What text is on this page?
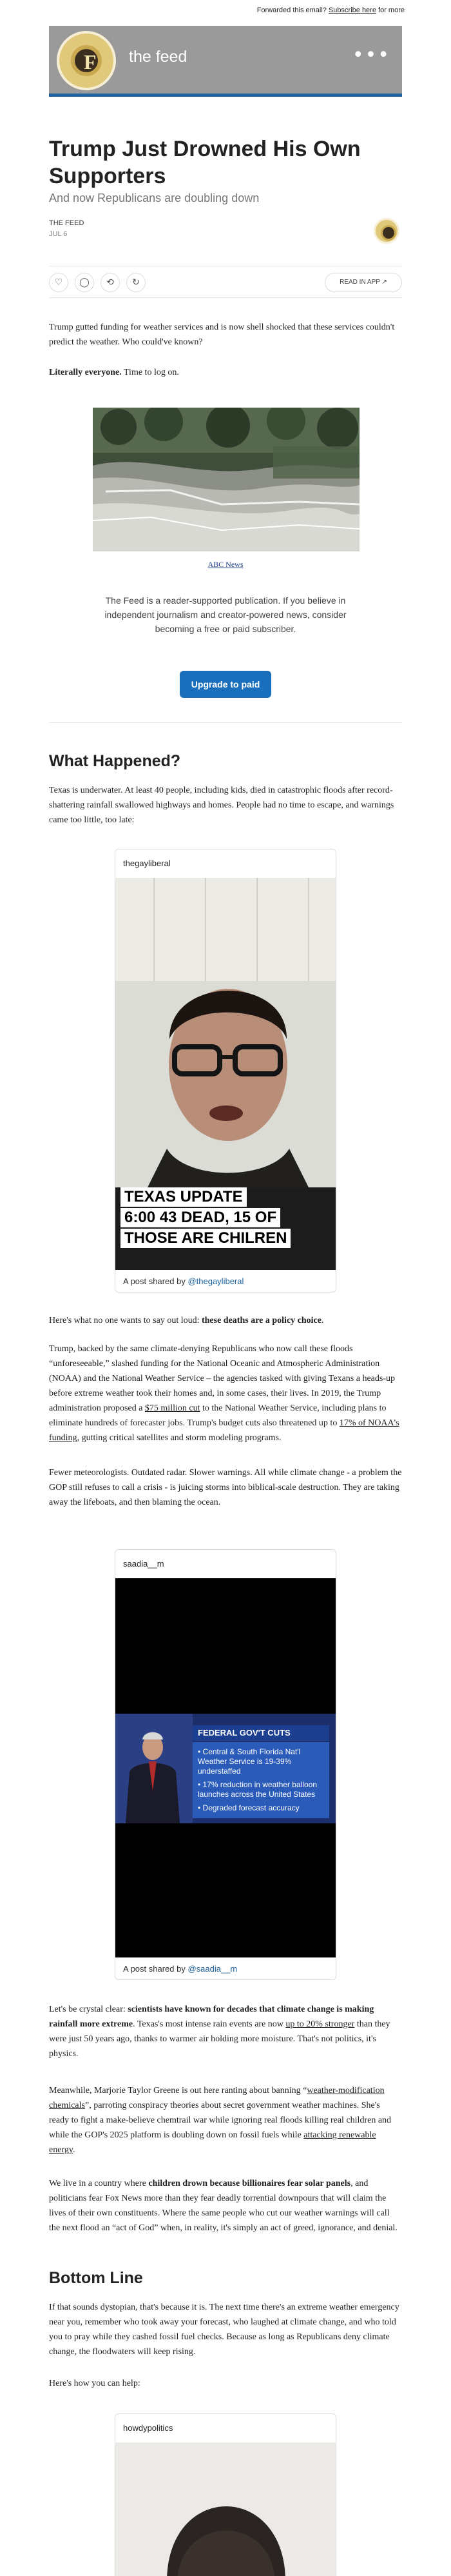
Forwarded this email? Subscribe here for more
F the feed	•••
Trump Just Drowned His Own Supporters
And now Republicans are doubling down
THE FEED
JUL 6
♡	◯	⟲	↻	READ IN APP ↗

Trump gutted funding for weather services and is now shell shocked that these services couldn't predict the weather. Who could've known?

Literally everyone. Time to log on.

ABC News
The Feed is a reader-supported publication. If you believe in independent journalism and creator-powered news, consider becoming a free or paid subscriber.
Upgrade to paid
What Happened?

Texas is underwater. At least 40 people, including kids, died in catastrophic floods after record-shattering rainfall swallowed highways and homes. People had no time to escape, and warnings came too little, too late:

thegayliberal
TEXAS UPDATE
6:00 43 DEAD, 15 OF
THOSE ARE CHILREN
A post shared by @thegayliberal

Here's what no one wants to say out loud: these deaths are a policy choice.

Trump, backed by the same climate-denying Republicans who now call these floods “unforeseeable,” slashed funding for the National Oceanic and Atmospheric Administration (NOAA) and the National Weather Service – the agencies tasked with giving Texans a heads-up before extreme weather took their homes and, in some cases, their lives. In 2019, the Trump administration proposed a $75 million cut to the National Weather Service, including plans to eliminate hundreds of forecaster jobs. Trump's budget cuts also threatened up to 17% of NOAA's funding, gutting critical satellites and storm modeling programs.

Fewer meteorologists. Outdated radar. Slower warnings. All while climate change - a problem the GOP still refuses to call a crisis - is juicing storms into biblical-scale destruction. They are taking away the lifeboats, and then blaming the ocean.

saadia__m
FEDERAL GOV'T CUTS
• Central & South Florida Nat'l Weather Service is 19-39% understaffed
• 17% reduction in weather balloon launches across the United States
• Degraded forecast accuracy
A post shared by @saadia__m

Let's be crystal clear: scientists have known for decades that climate change is making rainfall more extreme. Texas's most intense rain events are now up to 20% stronger than they were just 50 years ago, thanks to warmer air holding more moisture. That's not politics, it's physics.

Meanwhile, Marjorie Taylor Greene is out here ranting about banning “weather-modification chemicals”, parroting conspiracy theories about secret government weather machines. She's ready to fight a make-believe chemtrail war while ignoring real floods killing real children and while the GOP's 2025 platform is doubling down on fossil fuels while attacking renewable energy.

We live in a country where children drown because billionaires fear solar panels, and politicians fear Fox News more than they fear deadly torrential downpours that will claim the lives of their own constituents. Where the same people who cut our weather warnings will call the next flood an “act of God” when, in reality, it's simply an act of greed, ignorance, and denial.

Bottom Line

If that sounds dystopian, that's because it is. The next time there's an extreme weather emergency near you, remember who took away your forecast, who laughed at climate change, and who told you to pray while they cashed fossil fuel checks. Because as long as Republicans deny climate change, the floodwaters will keep rising.

Here's how you can help:

howdypolitics
